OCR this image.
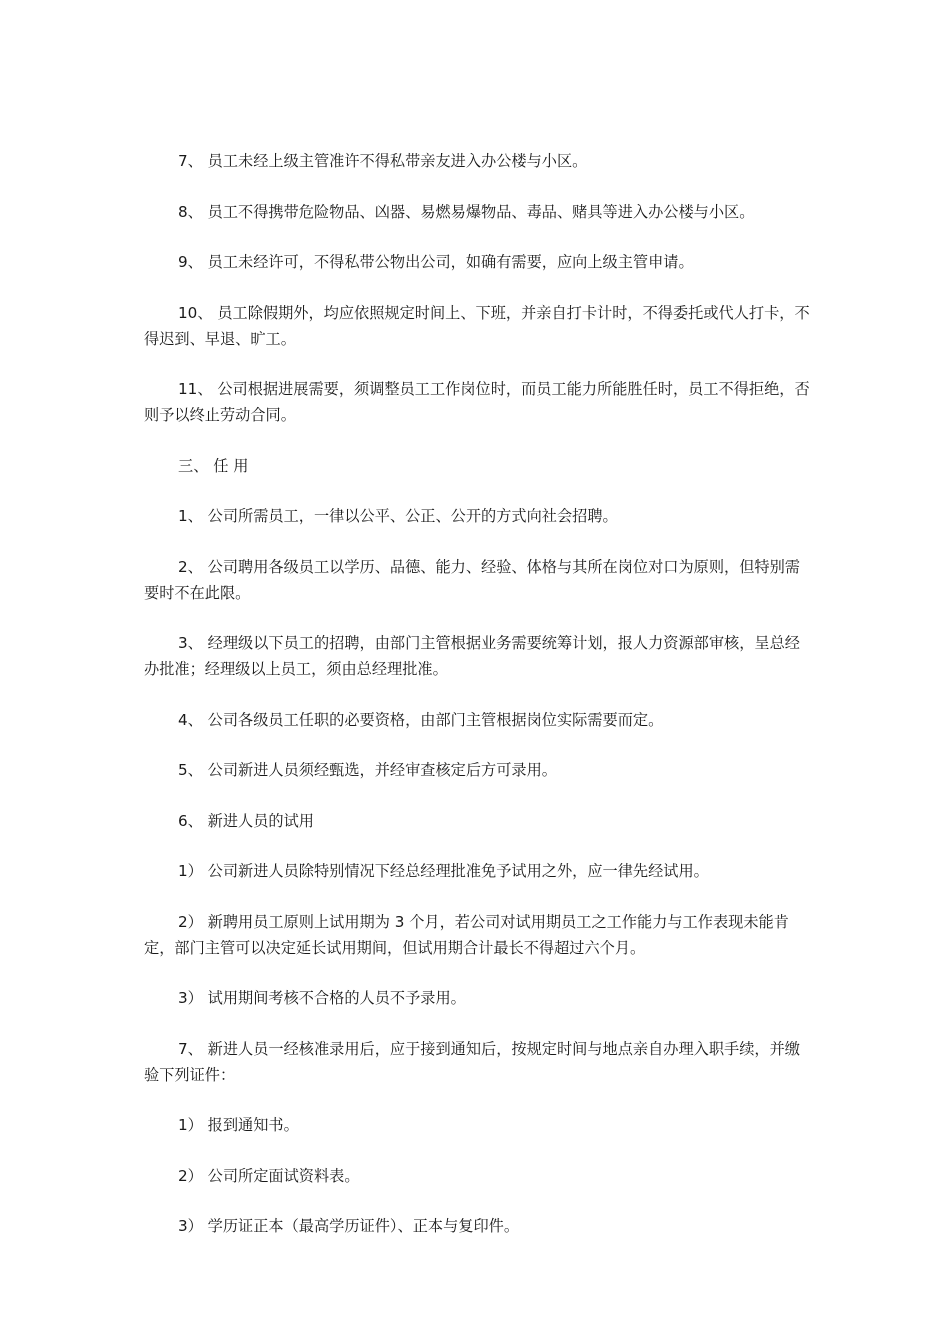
7、 员工未经上级主管准许不得私带亲友进入办公楼与小区。

8、 员工不得携带危险物品、凶器、易燃易爆物品、毒品、赌具等进入办公楼与小区。

9、 员工未经许可，不得私带公物出公司，如确有需要，应向上级主管申请。

10、 员工除假期外，均应依照规定时间上、下班，并亲自打卡计时，不得委托或代人打卡，不得迟到、早退、旷工。

11、 公司根据进展需要，须调整员工工作岗位时，而员工能力所能胜任时，员工不得拒绝，否则予以终止劳动合同。

三、 任 用

1、 公司所需员工，一律以公平、公正、公开的方式向社会招聘。

2、 公司聘用各级员工以学历、品德、能力、经验、体格与其所在岗位对口为原则，但特别需要时不在此限。

3、 经理级以下员工的招聘，由部门主管根据业务需要统筹计划，报人力资源部审核，呈总经办批准；经理级以上员工，须由总经理批准。

4、 公司各级员工任职的必要资格，由部门主管根据岗位实际需要而定。

5、 公司新进人员须经甄选，并经审查核定后方可录用。

6、 新进人员的试用

1） 公司新进人员除特别情况下经总经理批准免予试用之外，应一律先经试用。

2） 新聘用员工原则上试用期为 3 个月，若公司对试用期员工之工作能力与工作表现未能肯定，部门主管可以决定延长试用期间，但试用期合计最长不得超过六个月。

3） 试用期间考核不合格的人员不予录用。

7、 新进人员一经核准录用后，应于接到通知后，按规定时间与地点亲自办理入职手续，并缴验下列证件：

1） 报到通知书。

2） 公司所定面试资料表。

3） 学历证正本（最高学历证件）、正本与复印件。
